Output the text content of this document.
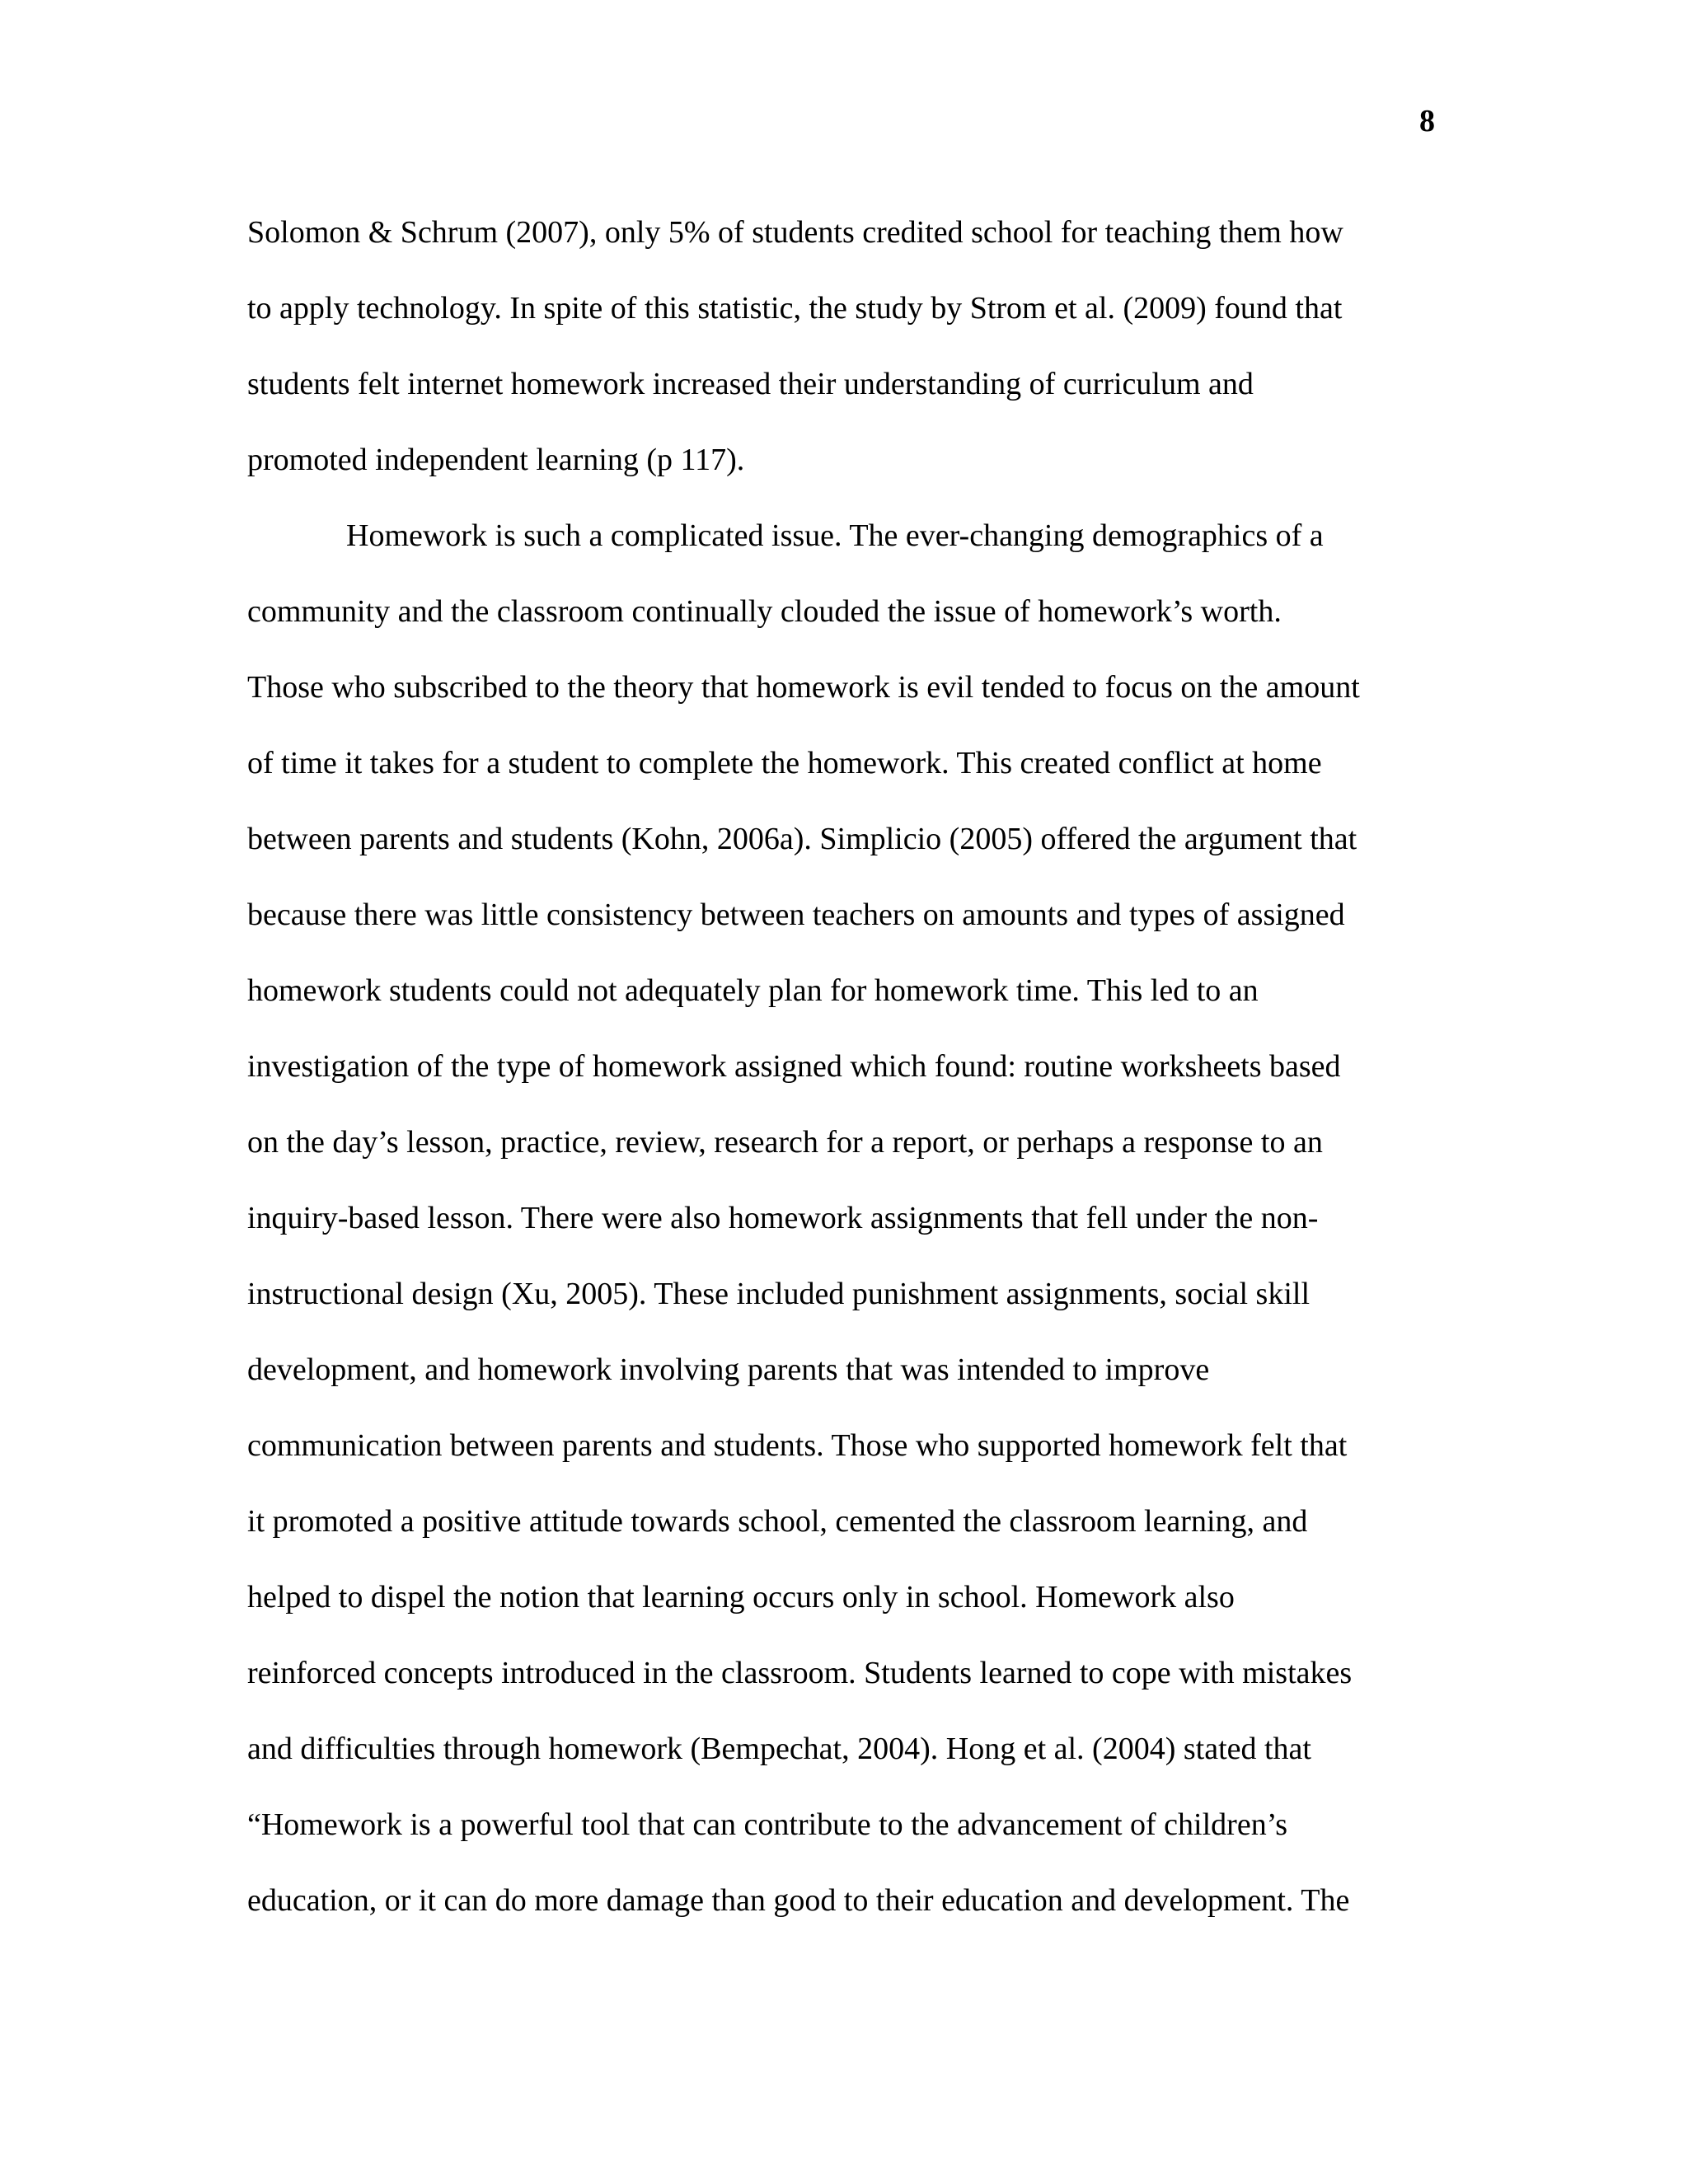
8
Solomon & Schrum (2007), only 5% of students credited school for teaching them how
to apply technology. In spite of this statistic, the study by Strom et al. (2009) found that
students felt internet homework increased their understanding of curriculum and
promoted independent learning (p 117).
Homework is such a complicated issue. The ever-changing demographics of a
community and the classroom continually clouded the issue of homework’s worth.
Those who subscribed to the theory that homework is evil tended to focus on the amount
of time it takes for a student to complete the homework. This created conflict at home
between parents and students (Kohn, 2006a). Simplicio (2005) offered the argument that
because there was little consistency between teachers on amounts and types of assigned
homework students could not adequately plan for homework time. This led to an
investigation of the type of homework assigned which found: routine worksheets based
on the day’s lesson, practice, review, research for a report, or perhaps a response to an
inquiry-based lesson. There were also homework assignments that fell under the non-
instructional design (Xu, 2005). These included punishment assignments, social skill
development, and homework involving parents that was intended to improve
communication between parents and students. Those who supported homework felt that
it promoted a positive attitude towards school, cemented the classroom learning, and
helped to dispel the notion that learning occurs only in school. Homework also
reinforced concepts introduced in the classroom. Students learned to cope with mistakes
and difficulties through homework (Bempechat, 2004). Hong et al. (2004) stated that
“Homework is a powerful tool that can contribute to the advancement of children’s
education, or it can do more damage than good to their education and development. The
